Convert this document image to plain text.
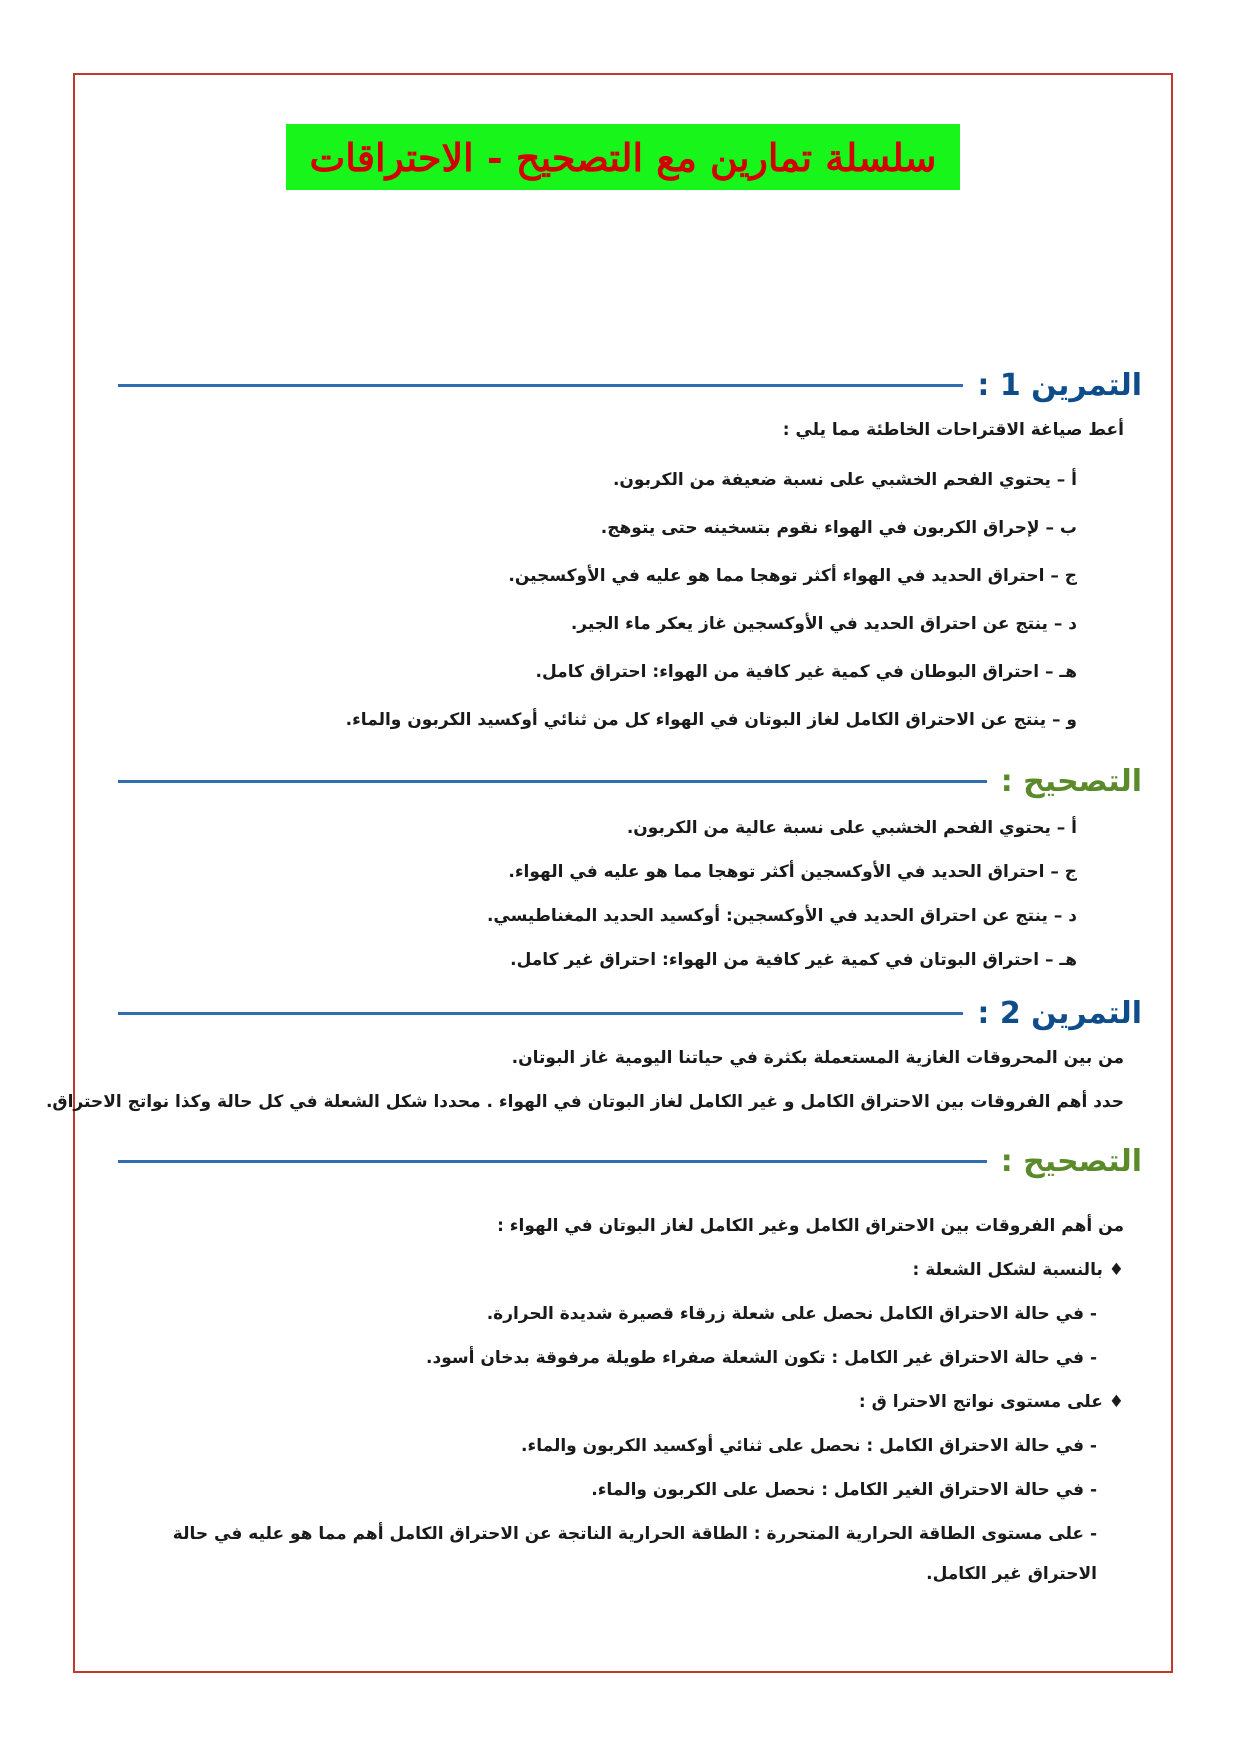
سلسلة تمارين مع التصحيح - الاحتراقات
التمرين 1 :
أعط صياغة الاقتراحات الخاطئة مما يلي :
أ – يحتوي الفحم الخشبي على نسبة ضعيفة من الكربون.
ب – لإحراق الكربون في الهواء نقوم بتسخينه حتى يتوهج.
ج – احتراق الحديد في الهواء أكثر توهجا مما هو عليه في الأوكسجين.
د – ينتج عن احتراق الحديد في الأوكسجين غاز يعكر ماء الجير.
هـ – احتراق البوطان في كمية غير كافية من الهواء: احتراق كامل.
و – ينتج عن الاحتراق الكامل لغاز البوتان في الهواء كل من ثنائي أوكسيد الكربون والماء.
التصحيح :
أ – يحتوي الفحم الخشبي على نسبة عالية من الكربون.
ج – احتراق الحديد في الأوكسجين أكثر توهجا مما هو عليه في الهواء.
د – ينتج عن احتراق الحديد في الأوكسجين: أوكسيد الحديد المغناطيسي.
هـ – احتراق البوتان في كمية غير كافية من الهواء: احتراق غير كامل.
التمرين 2 :
من بين المحروقات الغازية المستعملة بكثرة في حياتنا اليومية غاز البوتان.
حدد أهم الفروقات بين الاحتراق الكامل و غير الكامل لغاز البوتان في الهواء . محددا شكل الشعلة في كل حالة وكذا نواتج الاحتراق.
التصحيح :
من أهم الفروقات بين الاحتراق الكامل وغير الكامل لغاز البوتان في الهواء :
♦ بالنسبة لشكل الشعلة :
- في حالة الاحتراق الكامل نحصل على شعلة زرقاء قصيرة شديدة الحرارة.
- في حالة الاحتراق غير الكامل : تكون الشعلة صفراء طويلة مرفوقة بدخان أسود.
♦ على مستوى نواتج الاحترا ق :
- في حالة الاحتراق الكامل : نحصل على ثنائي أوكسيد الكربون والماء.
- في حالة الاحتراق الغير الكامل : نحصل على الكربون والماء.
- على مستوى الطاقة الحرارية المتحررة : الطاقة الحرارية الناتجة عن الاحتراق الكامل أهم مما هو عليه في حالة الاحتراق غير الكامل.
